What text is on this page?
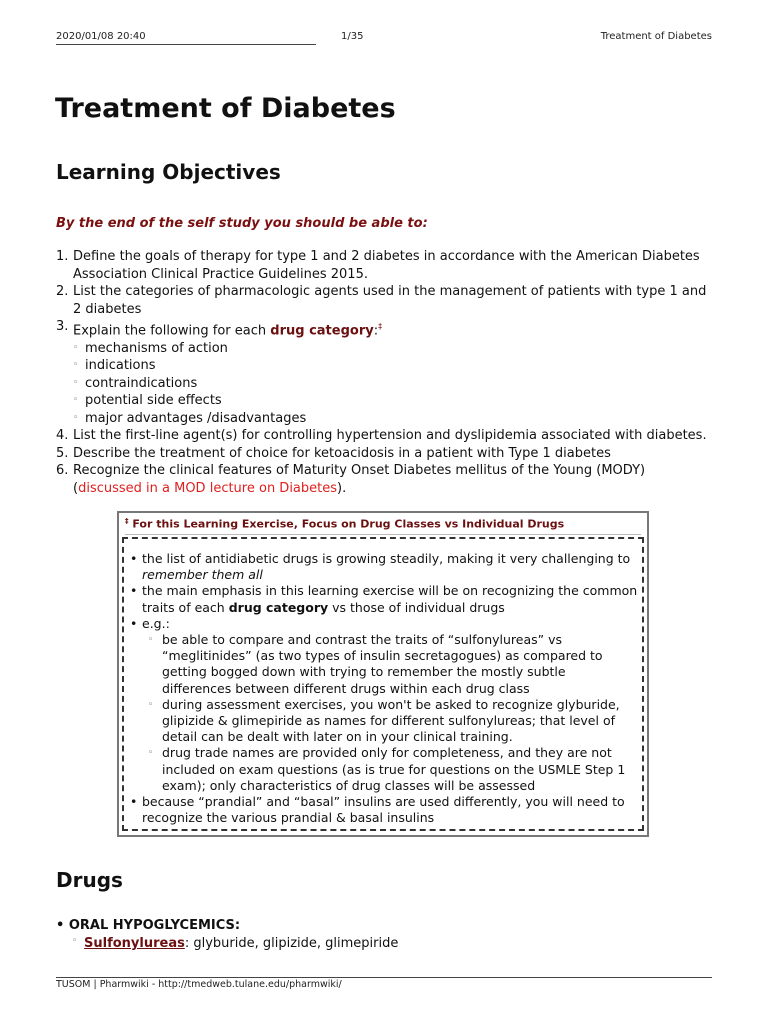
2020/01/08 20:40	1/35	Treatment of Diabetes
Treatment of Diabetes
Learning Objectives

By the end of the self study you should be able to:

1. Define the goals of therapy for type 1 and 2 diabetes in accordance with the American Diabetes Association Clinical Practice Guidelines 2015.
2. List the categories of pharmacologic agents used in the management of patients with type 1 and 2 diabetes
3. Explain the following for each drug category:‡
◦ mechanisms of action
◦ indications
◦ contraindications
◦ potential side effects
◦ major advantages /disadvantages
4. List the first-line agent(s) for controlling hypertension and dyslipidemia associated with diabetes.
5. Describe the treatment of choice for ketoacidosis in a patient with Type 1 diabetes
6. Recognize the clinical features of Maturity Onset Diabetes mellitus of the Young (MODY) (discussed in a MOD lecture on Diabetes).
‡ For this Learning Exercise, Focus on Drug Classes vs Individual Drugs
• the list of antidiabetic drugs is growing steadily, making it very challenging to remember them all
• the main emphasis in this learning exercise will be on recognizing the common traits of each drug category vs those of individual drugs
• e.g.:
◦ be able to compare and contrast the traits of “sulfonylureas” vs “meglitinides” (as two types of insulin secretagogues) as compared to getting bogged down with trying to remember the mostly subtle differences between different drugs within each drug class
◦ during assessment exercises, you won't be asked to recognize glyburide, glipizide & glimepiride as names for different sulfonylureas; that level of detail can be dealt with later on in your clinical training.
◦ drug trade names are provided only for completeness, and they are not included on exam questions (as is true for questions on the USMLE Step 1 exam); only characteristics of drug classes will be assessed
• because “prandial” and “basal” insulins are used differently, you will need to recognize the various prandial & basal insulins
Drugs
• ORAL HYPOGLYCEMICS:
◦ Sulfonylureas: glyburide, glipizide, glimepiride
TUSOM | Pharmwiki - http://tmedweb.tulane.edu/pharmwiki/
